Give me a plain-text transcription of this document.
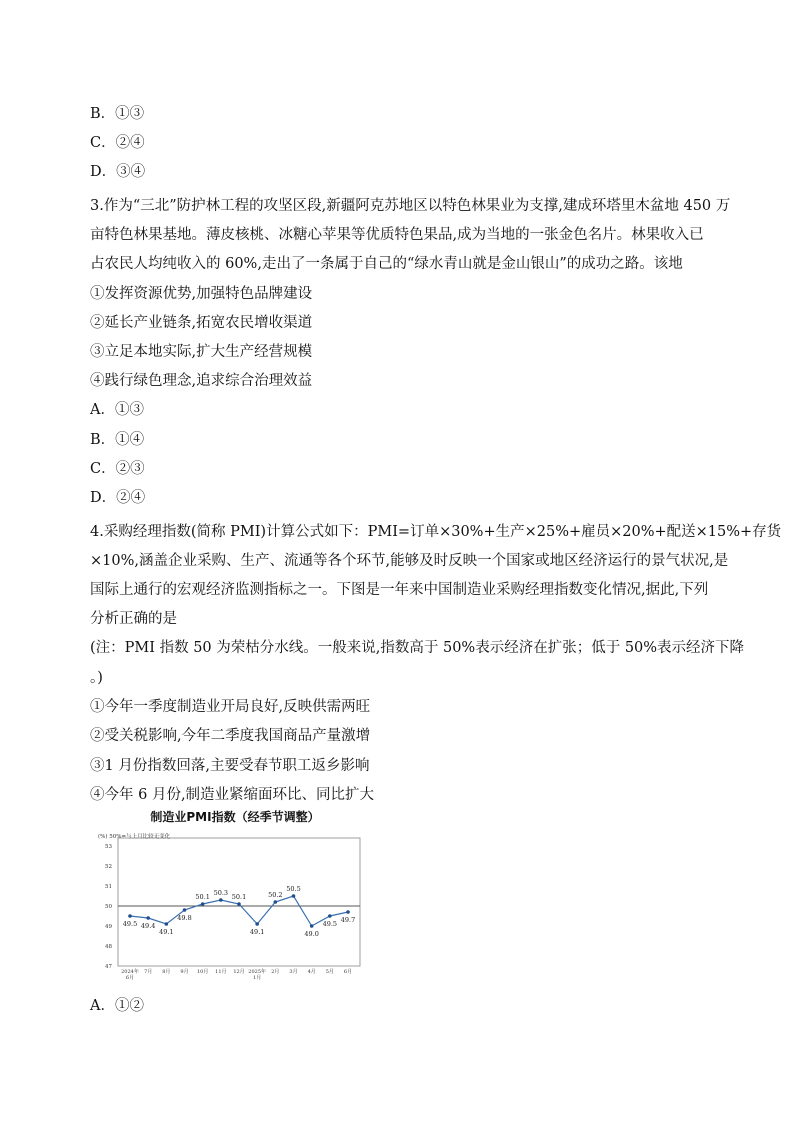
B．①③
C．②④
D．③④
3.作为“三北”防护林工程的攻坚区段,新疆阿克苏地区以特色林果业为支撑,建成环塔里木盆地 450 万
亩特色林果基地。薄皮核桃、冰糖心苹果等优质特色果品,成为当地的一张金色名片。林果收入已
占农民人均纯收入的 60%,走出了一条属于自己的“绿水青山就是金山银山”的成功之路。该地
①发挥资源优势,加强特色品牌建设
②延长产业链条,拓宽农民增收渠道
③立足本地实际,扩大生产经营规模
④践行绿色理念,追求综合治理效益
A．①③
B．①④
C．②③
D．②④
4.采购经理指数(简称 PMI)计算公式如下：PMI=订单×30%+生产×25%+雇员×20%+配送×15%+存货
×10%,涵盖企业采购、生产、流通等各个环节,能够及时反映一个国家或地区经济运行的景气状况,是
国际上通行的宏观经济监测指标之一。下图是一年来中国制造业采购经理指数变化情况,据此,下列
分析正确的是
(注：PMI 指数 50 为荣枯分水线。一般来说,指数高于 50%表示经济在扩张；低于 50%表示经济下降
。)
①今年一季度制造业开局良好,反映供需两旺
②受关税影响,今年二季度我国商品产量激增
③1 月份指数回落,主要受春节职工返乡影响
④今年 6 月份,制造业紧缩面环比、同比扩大
A．①②
制造业PMI指数（经季节调整）
(%) 50%=与上月比较无变化
47
48
49
50
51
52
53
49.5 49.4
49.1
49.8
50.1 50.3 50.1
49.1
50.2
50.5
49.0
49.5 49.7
2024年
6月
7月 8月 9月 10月 11月 12月 2025年
1月
2月 3月 4月 5月 6月
